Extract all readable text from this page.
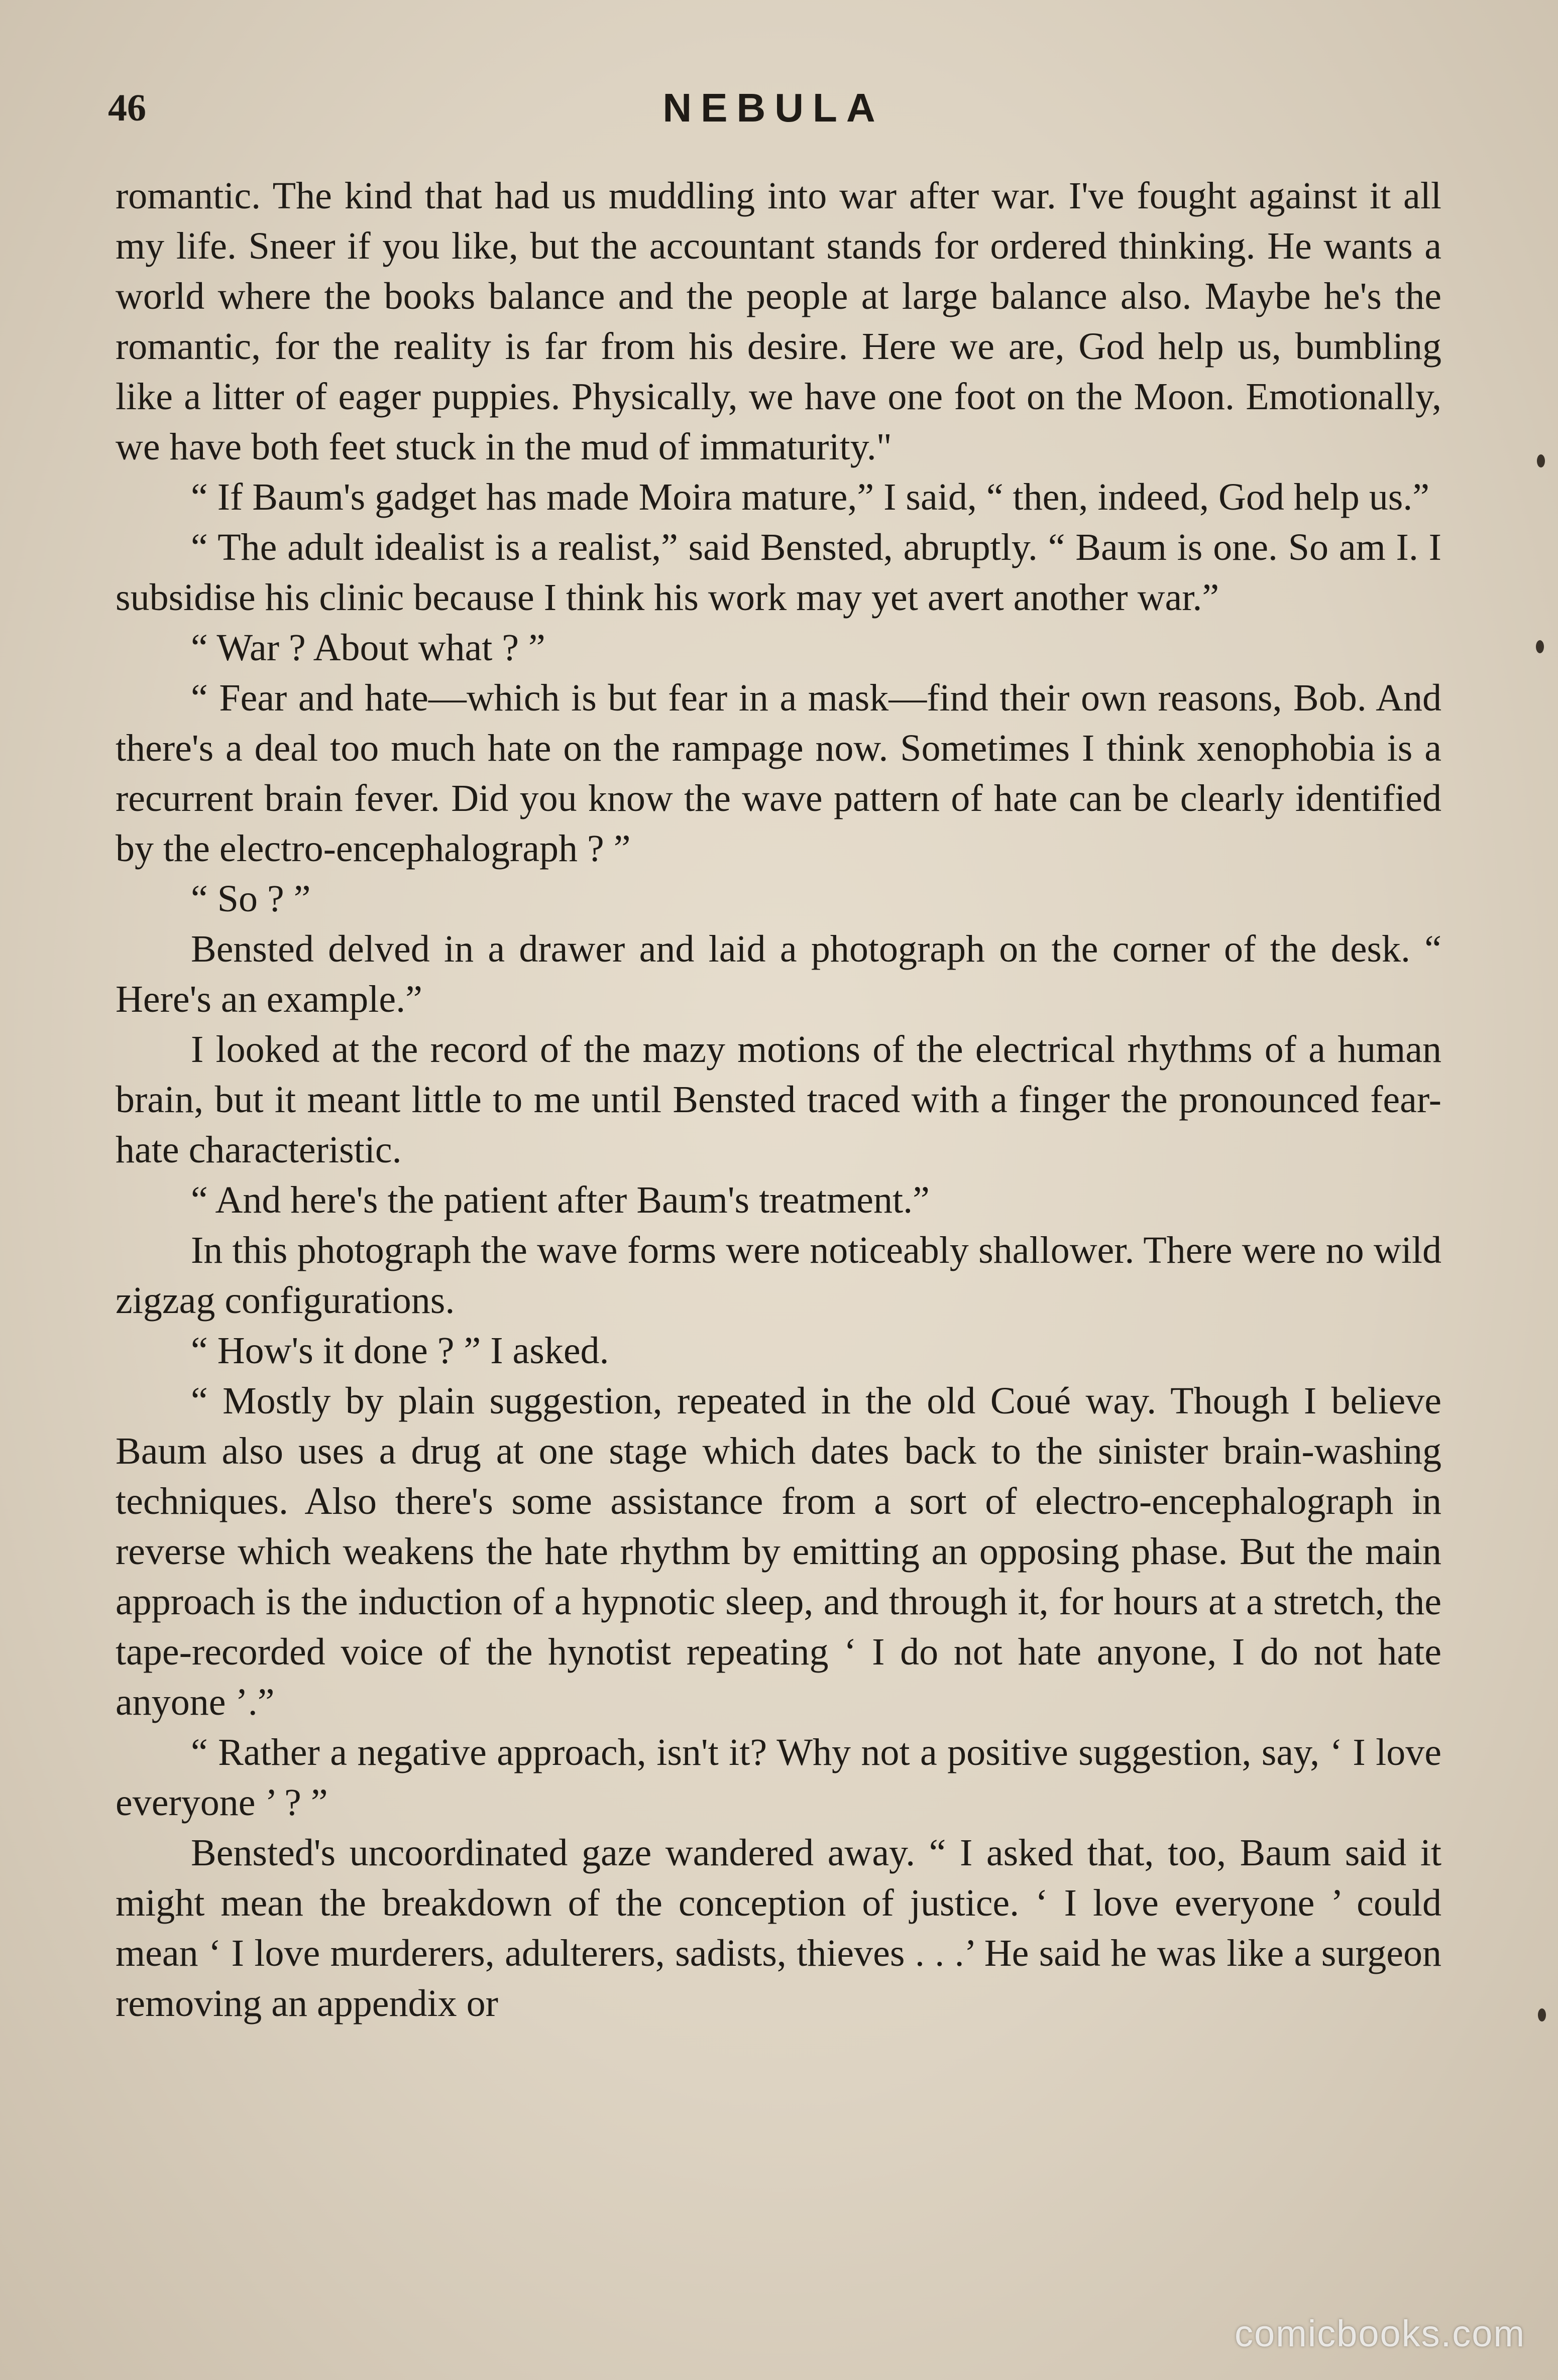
46	NEBULA

romantic. The kind that had us muddling into war after war. I've fought against it all my life. Sneer if you like, but the accountant stands for ordered thinking. He wants a world where the books balance and the people at large balance also. Maybe he's the romantic, for the reality is far from his desire. Here we are, God help us, bumbling like a litter of eager puppies. Physically, we have one foot on the Moon. Emotionally, we have both feet stuck in the mud of immaturity."

“ If Baum's gadget has made Moira mature,” I said, “ then, indeed, God help us.”

“ The adult idealist is a realist,” said Bensted, abruptly. “ Baum is one. So am I. I subsidise his clinic because I think his work may yet avert another war.”

“ War ? About what ? ”

“ Fear and hate—which is but fear in a mask—find their own reasons, Bob. And there's a deal too much hate on the rampage now. Sometimes I think xenophobia is a recurrent brain fever. Did you know the wave pattern of hate can be clearly identified by the electro-encephalograph ? ”

“ So ? ”

Bensted delved in a drawer and laid a photograph on the corner of the desk. “ Here's an example.”

I looked at the record of the mazy motions of the electrical rhythms of a human brain, but it meant little to me until Bensted traced with a finger the pronounced fear-hate characteristic.

“ And here's the patient after Baum's treatment.”

In this photograph the wave forms were noticeably shallower. There were no wild zigzag configurations.

“ How's it done ? ” I asked.

“ Mostly by plain suggestion, repeated in the old Coué way. Though I believe Baum also uses a drug at one stage which dates back to the sinister brain-washing techniques. Also there's some assistance from a sort of electro-encephalograph in reverse which weakens the hate rhythm by emitting an opposing phase. But the main approach is the induction of a hypnotic sleep, and through it, for hours at a stretch, the tape-recorded voice of the hynotist repeating ‘ I do not hate anyone, I do not hate anyone ’.”

“ Rather a negative approach, isn't it? Why not a positive suggestion, say, ‘ I love everyone ’ ? ”

Bensted's uncoordinated gaze wandered away. “ I asked that, too, Baum said it might mean the breakdown of the conception of justice. ‘ I love everyone ’ could mean ‘ I love murderers, adulterers, sadists, thieves . . .’ He said he was like a surgeon removing an appendix or

comicbooks.com
